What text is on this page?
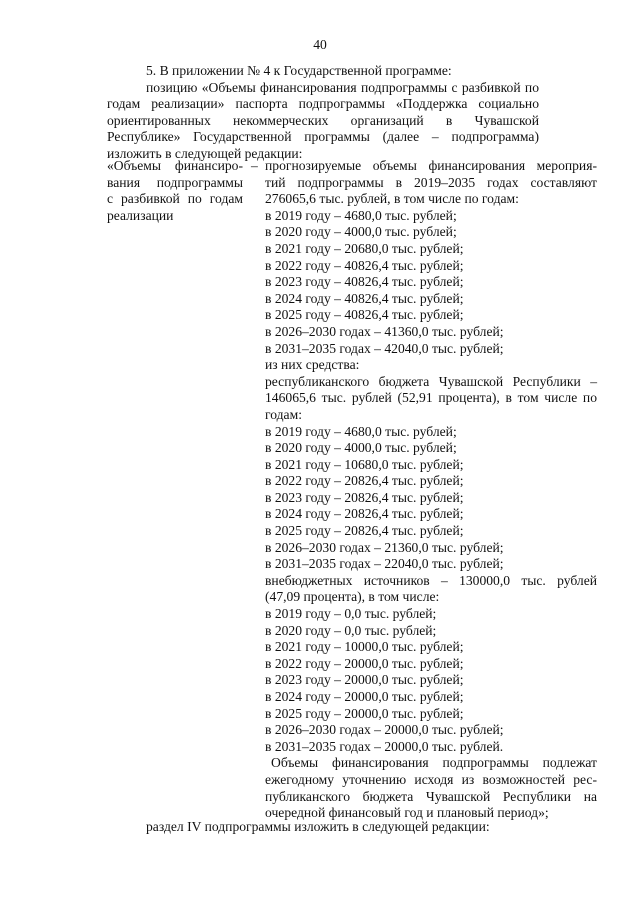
40
5. В приложении № 4 к Государственной программе:
позицию «Объемы финансирования подпрограммы с разбивкой по годам реализации» паспорта подпрограммы «Поддержка социально ориентированных некоммерческих организаций в Чувашской Республике» Государственной программы (далее – подпрограмма) изложить в следующей редакции:
«Объемы финансиро-
вания подпрограммы
с разбивкой по годам
реализации
– прогнозируемые объемы финансирования мероприя-
тий подпрограммы в 2019–2035 годах составляют
276065,6 тыс. рублей, в том числе по годам:
в 2019 году – 4680,0 тыс. рублей;
в 2020 году – 4000,0 тыс. рублей;
в 2021 году – 20680,0 тыс. рублей;
в 2022 году – 40826,4 тыс. рублей;
в 2023 году – 40826,4 тыс. рублей;
в 2024 году – 40826,4 тыс. рублей;
в 2025 году – 40826,4 тыс. рублей;
в 2026–2030 годах – 41360,0 тыс. рублей;
в 2031–2035 годах – 42040,0 тыс. рублей;
из них средства:
республиканского бюджета Чувашской Республики –
146065,6 тыс. рублей (52,91 процента), в том числе по
годам:
в 2019 году – 4680,0 тыс. рублей;
в 2020 году – 4000,0 тыс. рублей;
в 2021 году – 10680,0 тыс. рублей;
в 2022 году – 20826,4 тыс. рублей;
в 2023 году – 20826,4 тыс. рублей;
в 2024 году – 20826,4 тыс. рублей;
в 2025 году – 20826,4 тыс. рублей;
в 2026–2030 годах – 21360,0 тыс. рублей;
в 2031–2035 годах – 22040,0 тыс. рублей;
внебюджетных источников – 130000,0 тыс. рублей
(47,09 процента), в том числе:
в 2019 году – 0,0 тыс. рублей;
в 2020 году – 0,0 тыс. рублей;
в 2021 году – 10000,0 тыс. рублей;
в 2022 году – 20000,0 тыс. рублей;
в 2023 году – 20000,0 тыс. рублей;
в 2024 году – 20000,0 тыс. рублей;
в 2025 году – 20000,0 тыс. рублей;
в 2026–2030 годах – 20000,0 тыс. рублей;
в 2031–2035 годах – 20000,0 тыс. рублей.
Объемы финансирования подпрограммы подлежат
ежегодному уточнению исходя из возможностей рес-
публиканского бюджета Чувашской Республики на
очередной финансовый год и плановый период»;
раздел IV подпрограммы изложить в следующей редакции:
